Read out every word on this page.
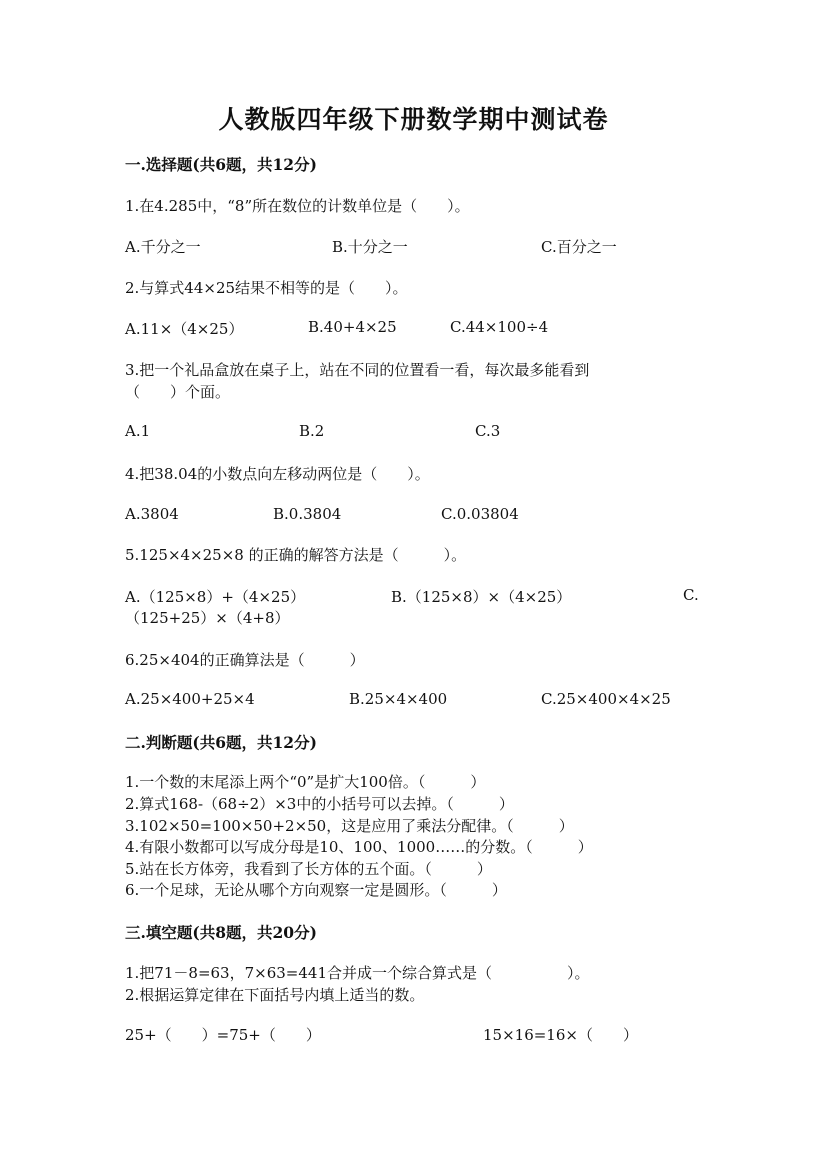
人教版四年级下册数学期中测试卷
一.选择题(共6题，共12分)
1.在4.285中，“8”所在数位的计数单位是（　　）。
A.千分之一	B.十分之一	C.百分之一
2.与算式44×25结果不相等的是（　　）。
A.11×（4×25）	B.40+4×25	C.44×100÷4
3.把一个礼品盒放在桌子上，站在不同的位置看一看，每次最多能看到
（　　）个面。
A.1	B.2	C.3
4.把38.04的小数点向左移动两位是（　　）。
A.3804	B.0.3804	C.0.03804
5.125×4×25×8 的正确的解答方法是（　　　）。
A.（125×8）+（4×25）	B.（125×8）×（4×25）	C.
（125+25）×（4+8）
6.25×404的正确算法是（　　　）
A.25×400+25×4	B.25×4×400	C.25×400×4×25
二.判断题(共6题，共12分)
1.一个数的末尾添上两个“0”是扩大100倍。（　　　）
2.算式168-（68÷2）×3中的小括号可以去掉。（　　　）
3.102×50=100×50+2×50，这是应用了乘法分配律。（　　　）
4.有限小数都可以写成分母是10、100、1000……的分数。（　　　）
5.站在长方体旁，我看到了长方体的五个面。（　　　）
6.一个足球，无论从哪个方向观察一定是圆形。（　　　）
三.填空题(共8题，共20分)
1.把71－8=63，7×63=441合并成一个综合算式是（　　　　　）。
2.根据运算定律在下面括号内填上适当的数。
25+（　　）=75+（　　）	15×16=16×（　　）
